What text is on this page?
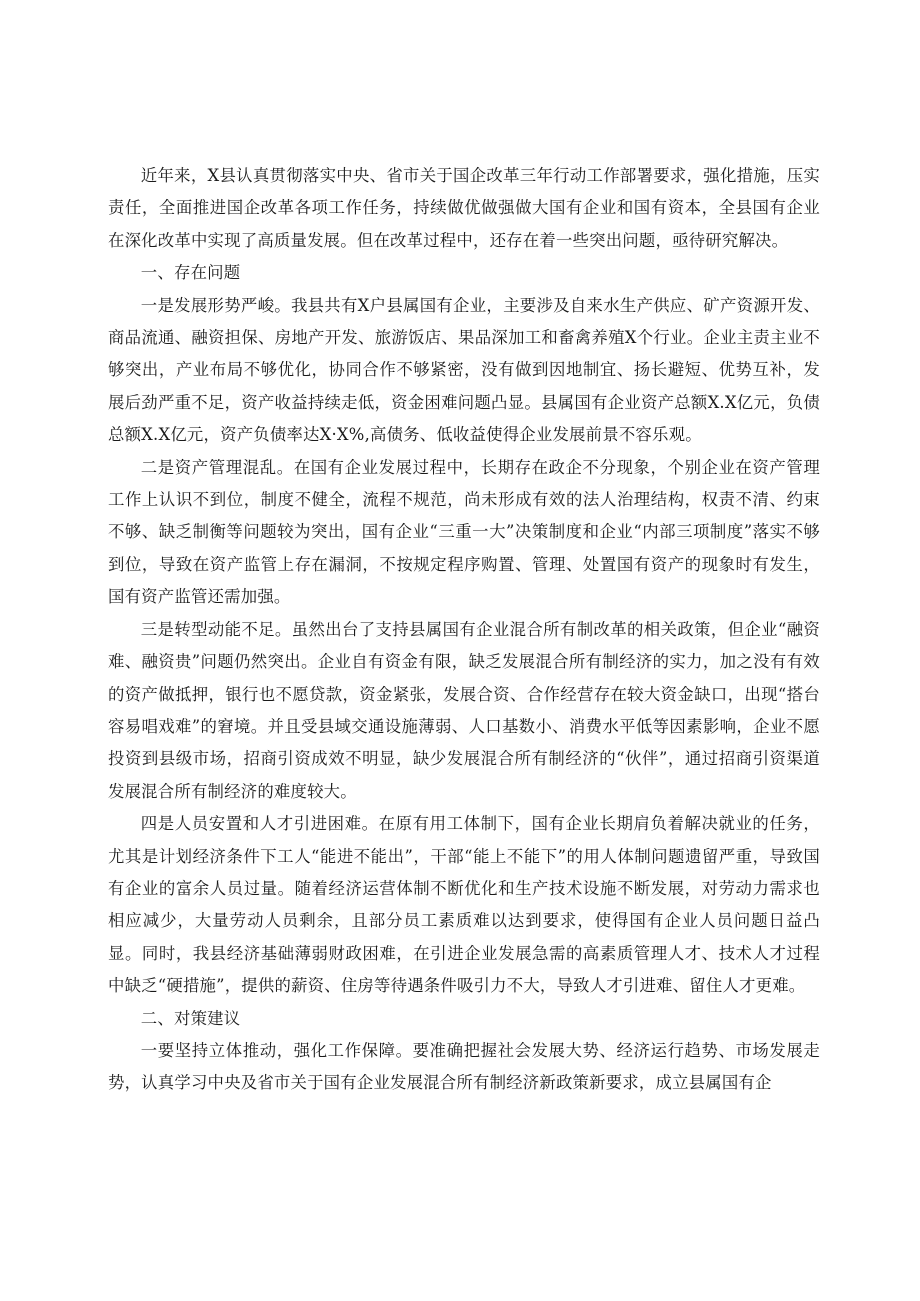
近年来，X县认真贯彻落实中央、省市关于国企改革三年行动工作部署要求，强化措施，压实责任，全面推进国企改革各项工作任务，持续做优做强做大国有企业和国有资本，全县国有企业在深化改革中实现了高质量发展。但在改革过程中，还存在着一些突出问题，亟待研究解决。

一、存在问题

一是发展形势严峻。我县共有X户县属国有企业，主要涉及自来水生产供应、矿产资源开发、商品流通、融资担保、房地产开发、旅游饭店、果品深加工和畜禽养殖X个行业。企业主责主业不够突出，产业布局不够优化，协同合作不够紧密，没有做到因地制宜、扬长避短、优势互补，发展后劲严重不足，资产收益持续走低，资金困难问题凸显。县属国有企业资产总额X.X亿元，负债总额X.X亿元，资产负债率达X·X%,高债务、低收益使得企业发展前景不容乐观。

二是资产管理混乱。在国有企业发展过程中，长期存在政企不分现象，个别企业在资产管理工作上认识不到位，制度不健全，流程不规范，尚未形成有效的法人治理结构，权责不清、约束不够、缺乏制衡等问题较为突出，国有企业“三重一大”决策制度和企业“内部三项制度”落实不够到位，导致在资产监管上存在漏洞，不按规定程序购置、管理、处置国有资产的现象时有发生，国有资产监管还需加强。

三是转型动能不足。虽然出台了支持县属国有企业混合所有制改革的相关政策，但企业“融资难、融资贵”问题仍然突出。企业自有资金有限，缺乏发展混合所有制经济的实力，加之没有有效的资产做抵押，银行也不愿贷款，资金紧张，发展合资、合作经营存在较大资金缺口，出现“搭台容易唱戏难”的窘境。并且受县域交通设施薄弱、人口基数小、消费水平低等因素影响，企业不愿投资到县级市场，招商引资成效不明显，缺少发展混合所有制经济的“伙伴”，通过招商引资渠道发展混合所有制经济的难度较大。

四是人员安置和人才引进困难。在原有用工体制下，国有企业长期肩负着解决就业的任务，尤其是计划经济条件下工人“能进不能出”，干部“能上不能下”的用人体制问题遗留严重，导致国有企业的富余人员过量。随着经济运营体制不断优化和生产技术设施不断发展，对劳动力需求也相应减少，大量劳动人员剩余，且部分员工素质难以达到要求，使得国有企业人员问题日益凸显。同时，我县经济基础薄弱财政困难，在引进企业发展急需的高素质管理人才、技术人才过程中缺乏“硬措施”，提供的薪资、住房等待遇条件吸引力不大，导致人才引进难、留住人才更难。

二、对策建议

一要坚持立体推动，强化工作保障。要准确把握社会发展大势、经济运行趋势、市场发展走势，认真学习中央及省市关于国有企业发展混合所有制经济新政策新要求，成立县属国有企
